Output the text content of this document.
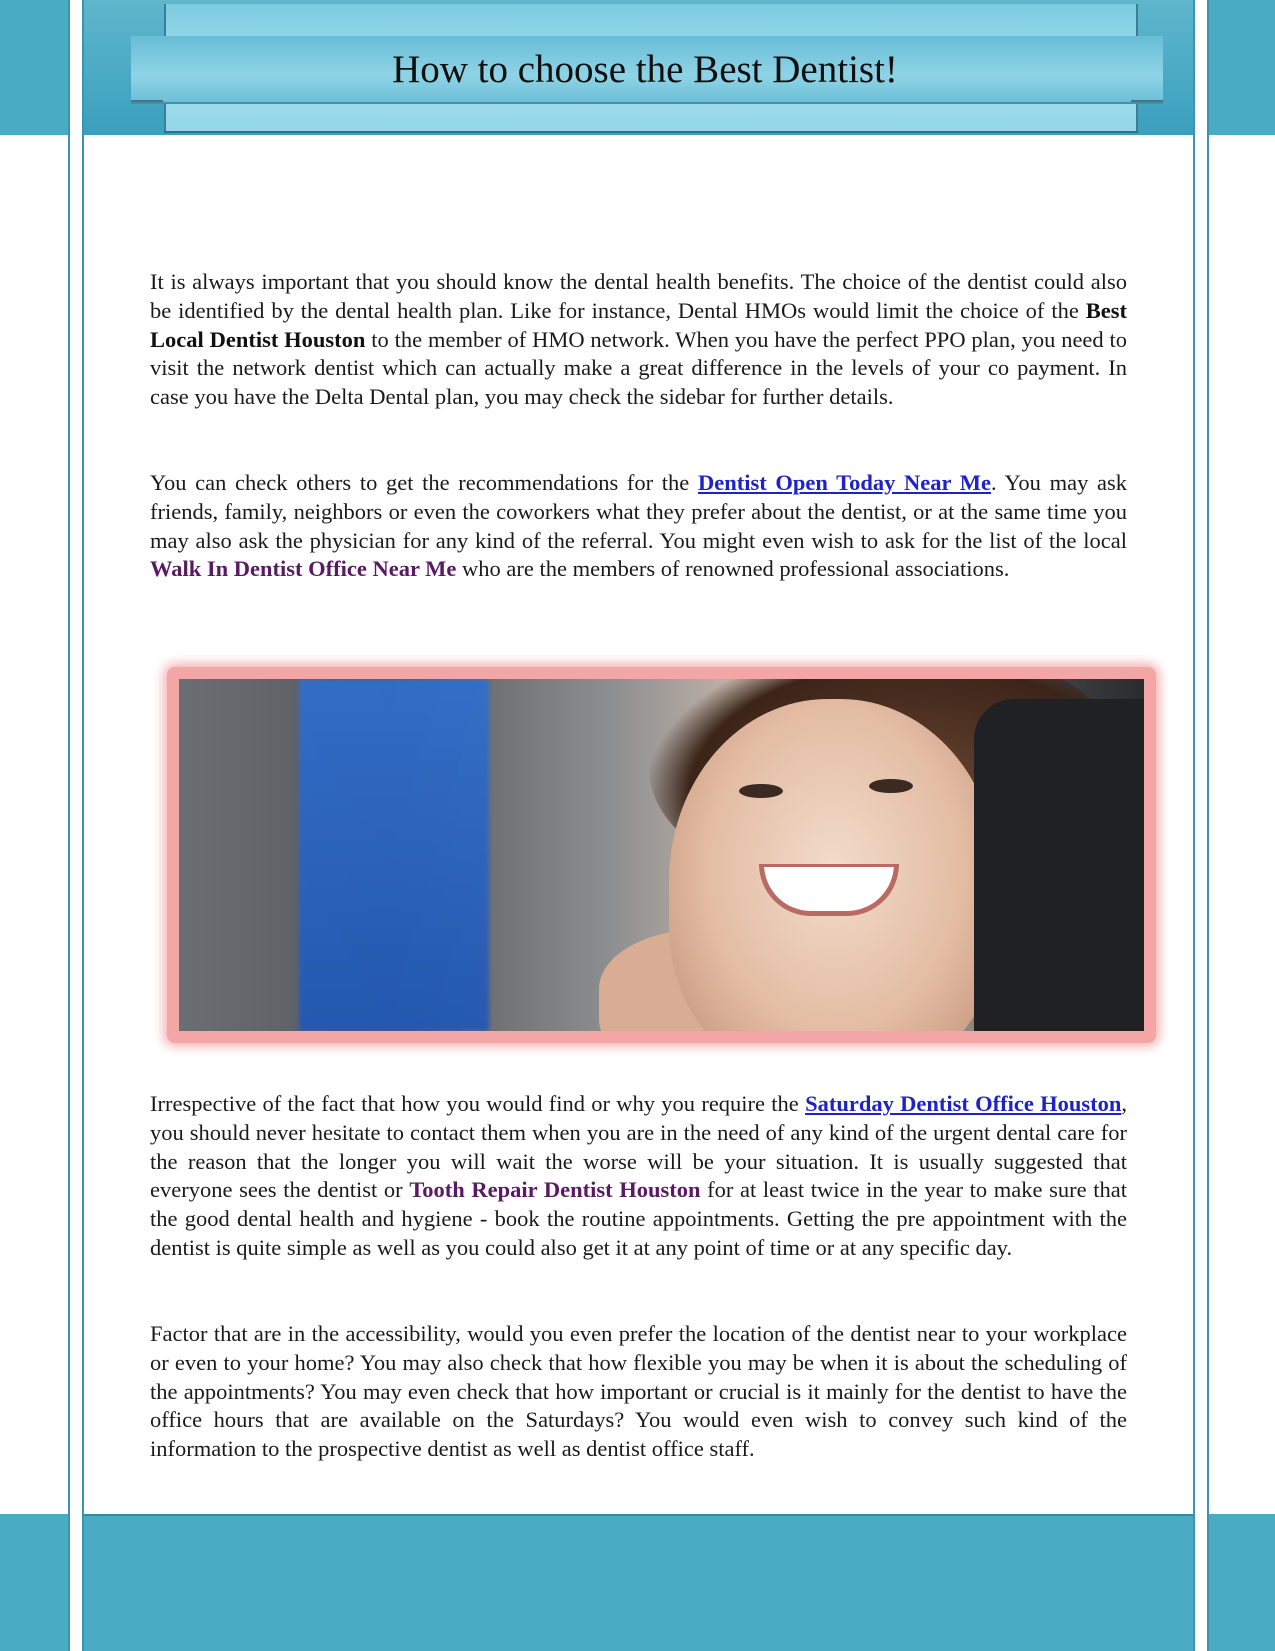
How to choose the Best Dentist!

It is always important that you should know the dental health benefits. The choice of the dentist could also be identified by the dental health plan. Like for instance, Dental HMOs would limit the choice of the Best Local Dentist Houston to the member of HMO network. When you have the perfect PPO plan, you need to visit the network dentist which can actually make a great difference in the levels of your co payment. In case you have the Delta Dental plan, you may check the sidebar for further details.

You can check others to get the recommendations for the Dentist Open Today Near Me. You may ask friends, family, neighbors or even the coworkers what they prefer about the dentist, or at the same time you may also ask the physician for any kind of the referral. You might even wish to ask for the list of the local Walk In Dentist Office Near Me who are the members of renowned professional associations.

Irrespective of the fact that how you would find or why you require the Saturday Dentist Office Houston, you should never hesitate to contact them when you are in the need of any kind of the urgent dental care for the reason that the longer you will wait the worse will be your situation. It is usually suggested that everyone sees the dentist or Tooth Repair Dentist Houston for at least twice in the year to make sure that the good dental health and hygiene - book the routine appointments. Getting the pre appointment with the dentist is quite simple as well as you could also get it at any point of time or at any specific day.

Factor that are in the accessibility, would you even prefer the location of the dentist near to your workplace or even to your home? You may also check that how flexible you may be when it is about the scheduling of the appointments? You may even check that how important or crucial is it mainly for the dentist to have the office hours that are available on the Saturdays? You would even wish to convey such kind of the information to the prospective dentist as well as dentist office staff.
